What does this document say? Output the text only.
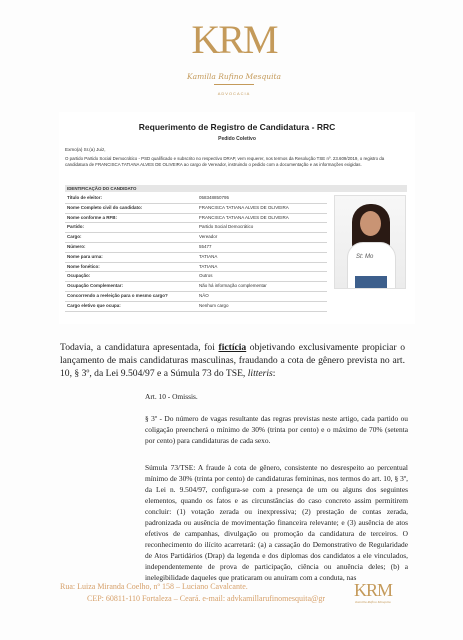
KRM
Kamilla Rufino Mesquita
ADVOCACIA
Requerimento de Registro de Candidatura - RRC
Pedido Coletivo
Exmo(a) Sr.(a) Juiz,
O partido Partido Social Democrático - PSD qualificado e subscrito no respectivo DRAP, vem requerer, nos termos da Resolução TSE nº. 23.609/2019, o registro da candidatura de FRANCISCA TATIANA ALVES DE OLIVEIRA ao cargo de Vereador, instruindo o pedido com a documentação e as informações exigidas.
IDENTIFICAÇÃO DO CANDIDATO
Título de eleitor:	058348850795
Nome Completo civil do candidato:	FRANCISCA TATIANA ALVES DE OLIVEIRA
Nome conforme a RFB:	FRANCISCA TATIANA ALVES DE OLIVEIRA
Partido:	Partido Social Democrático
Cargo:	Vereador
Número:	55477
Nome para urna:	TATIANA
Nome fonético:	TATIANA
Ocupação:	Outros
Ocupação Complementar:	Não há informação complementar
Concorrendo a reeleição para o mesmo cargo?	NÃO
Cargo eletivo que ocupa:	Nenhum cargo
St: Mo
Todavia, a candidatura apresentada, foi fictícia objetivando exclusivamente propiciar o lançamento de mais candidaturas masculinas, fraudando a cota de gênero prevista no art. 10, § 3º, da Lei 9.504/97 e a Súmula 73 do TSE, litteris:
Art. 10 - Omissis.
§ 3º - Do número de vagas resultante das regras previstas neste artigo, cada partido ou coligação preencherá o mínimo de 30% (trinta por cento) e o máximo de 70% (setenta por cento) para candidaturas de cada sexo.
Súmula 73/TSE: A fraude à cota de gênero, consistente no desrespeito ao percentual mínimo de 30% (trinta por cento) de candidaturas femininas, nos termos do art. 10, § 3º, da Lei n. 9.504/97, configura-se com a presença de um ou alguns dos seguintes elementos, quando os fatos e as circunstâncias do caso concreto assim permitirem concluir: (1) votação zerada ou inexpressiva; (2) prestação de contas zerada, padronizada ou ausência de movimentação financeira relevante; e (3) ausência de atos efetivos de campanhas, divulgação ou promoção da candidatura de terceiros. O reconhecimento do ilícito acarretará: (a) a cassação do Demonstrativo de Regularidade de Atos Partidários (Drap) da legenda e dos diplomas dos candidatos a ele vinculados, independentemente de prova de participação, ciência ou anuência deles; (b) a inelegibilidade daqueles que praticaram ou anuíram com a conduta, nas
Rua: Luiza Miranda Coelho, nº 158 – Luciano Cavalcante.
CEP: 60811-110 Fortaleza – Ceará. e-mail: advkamillarufinomesquita@gr	KRM
Kamilla Rufino Mesquita
